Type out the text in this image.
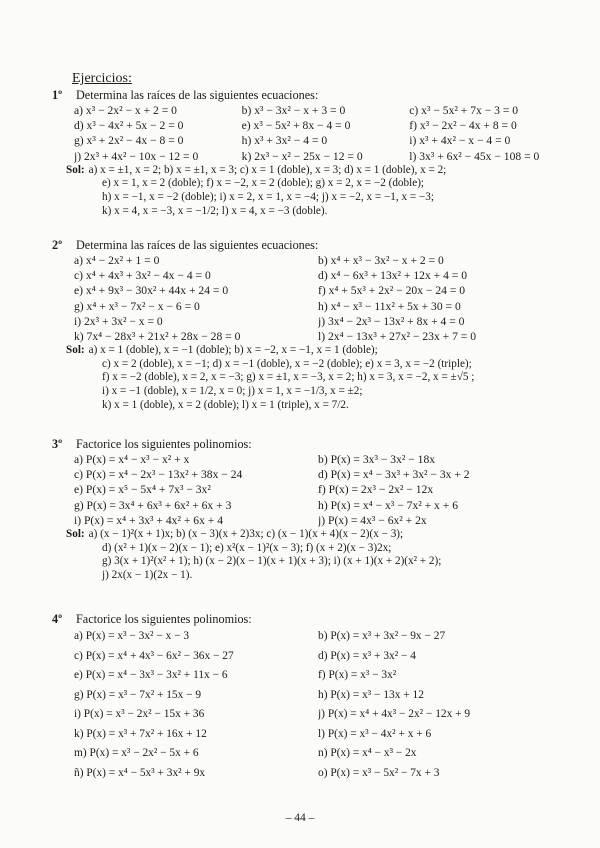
Ejercicios:
1º Determina las raíces de las siguientes ecuaciones:
a) x³ − 2x² − x + 2 = 0	b) x³ − 3x² − x + 3 = 0	c) x³ − 5x² + 7x − 3 = 0
d) x³ − 4x² + 5x − 2 = 0	e) x³ − 5x² + 8x − 4 = 0	f) x³ − 2x² − 4x + 8 = 0
g) x³ + 2x² − 4x − 8 = 0	h) x³ + 3x² − 4 = 0	i) x³ + 4x² − x − 4 = 0
j) 2x³ + 4x² − 10x − 12 = 0	k) 2x³ − x² − 25x − 12 = 0	l) 3x³ + 6x² − 45x − 108 = 0
Sol: a) x = ±1, x = 2; b) x = ±1, x = 3; c) x = 1 (doble), x = 3; d) x = 1 (doble), x = 2;
e) x = 1, x = 2 (doble); f) x = −2, x = 2 (doble); g) x = 2, x = −2 (doble);
h) x = −1, x = −2 (doble); i) x = 2, x = 1, x = −4; j) x = −2, x = −1, x = −3;
k) x = 4, x = −3, x = −1/2; l) x = 4, x = −3 (doble).
2º Determina las raíces de las siguientes ecuaciones:
a) x⁴ − 2x² + 1 = 0	b) x⁴ + x³ − 3x² − x + 2 = 0
c) x⁴ + 4x³ + 3x² − 4x − 4 = 0	d) x⁴ − 6x³ + 13x² + 12x + 4 = 0
e) x⁴ + 9x³ − 30x² + 44x + 24 = 0	f) x⁴ + 5x³ + 2x² − 20x − 24 = 0
g) x⁴ + x³ − 7x² − x − 6 = 0	h) x⁴ − x³ − 11x² + 5x + 30 = 0
i) 2x³ + 3x² − x = 0	j) 3x⁴ − 2x³ − 13x² + 8x + 4 = 0
k) 7x⁴ − 28x³ + 21x² + 28x − 28 = 0	l) 2x⁴ − 13x³ + 27x² − 23x + 7 = 0
Sol: a) x = 1 (doble), x = −1 (doble); b) x = −2, x = −1, x = 1 (doble);
c) x = 2 (doble), x = −1; d) x = −1 (doble), x = −2 (doble); e) x = 3, x = −2 (triple);
f) x = −2 (doble), x = 2, x = −3; g) x = ±1, x = −3, x = 2; h) x = 3, x = −2, x = ±√5 ;
i) x = −1 (doble), x = 1/2, x = 0; j) x = 1, x = −1/3, x = ±2;
k) x = 1 (doble), x = 2 (doble); l) x = 1 (triple), x = 7/2.
3º Factorice los siguientes polinomios:
a) P(x) = x⁴ − x³ − x² + x	b) P(x) = 3x³ − 3x² − 18x
c) P(x) = x⁴ − 2x³ − 13x² + 38x − 24	d) P(x) = x⁴ − 3x³ + 3x² − 3x + 2
e) P(x) = x⁵ − 5x⁴ + 7x³ − 3x²	f) P(x) = 2x³ − 2x² − 12x
g) P(x) = 3x⁴ + 6x³ + 6x² + 6x + 3	h) P(x) = x⁴ − x³ − 7x² + x + 6
i) P(x) = x⁴ + 3x³ + 4x² + 6x + 4	j) P(x) = 4x³ − 6x² + 2x
Sol: a) (x − 1)²(x + 1)x; b) (x − 3)(x + 2)3x; c) (x − 1)(x + 4)(x − 2)(x − 3);
d) (x² + 1)(x − 2)(x − 1); e) x²(x − 1)²(x − 3); f) (x + 2)(x − 3)2x;
g) 3(x + 1)²(x² + 1); h) (x − 2)(x − 1)(x + 1)(x + 3); i) (x + 1)(x + 2)(x² + 2);
j) 2x(x − 1)(2x − 1).
4º Factorice los siguientes polinomios:
a) P(x) = x³ − 3x² − x − 3	b) P(x) = x³ + 3x² − 9x − 27
c) P(x) = x⁴ + 4x³ − 6x² − 36x − 27	d) P(x) = x³ + 3x² − 4
e) P(x) = x⁴ − 3x³ − 3x² + 11x − 6	f) P(x) = x³ − 3x²
g) P(x) = x³ − 7x² + 15x − 9	h) P(x) = x³ − 13x + 12
i) P(x) = x³ − 2x² − 15x + 36	j) P(x) = x⁴ + 4x³ − 2x² − 12x + 9
k) P(x) = x³ + 7x² + 16x + 12	l) P(x) = x³ − 4x² + x + 6
m) P(x) = x³ − 2x² − 5x + 6	n) P(x) = x⁴ − x³ − 2x
ñ) P(x) = x⁴ − 5x³ + 3x² + 9x	o) P(x) = x³ − 5x² − 7x + 3
– 44 –
